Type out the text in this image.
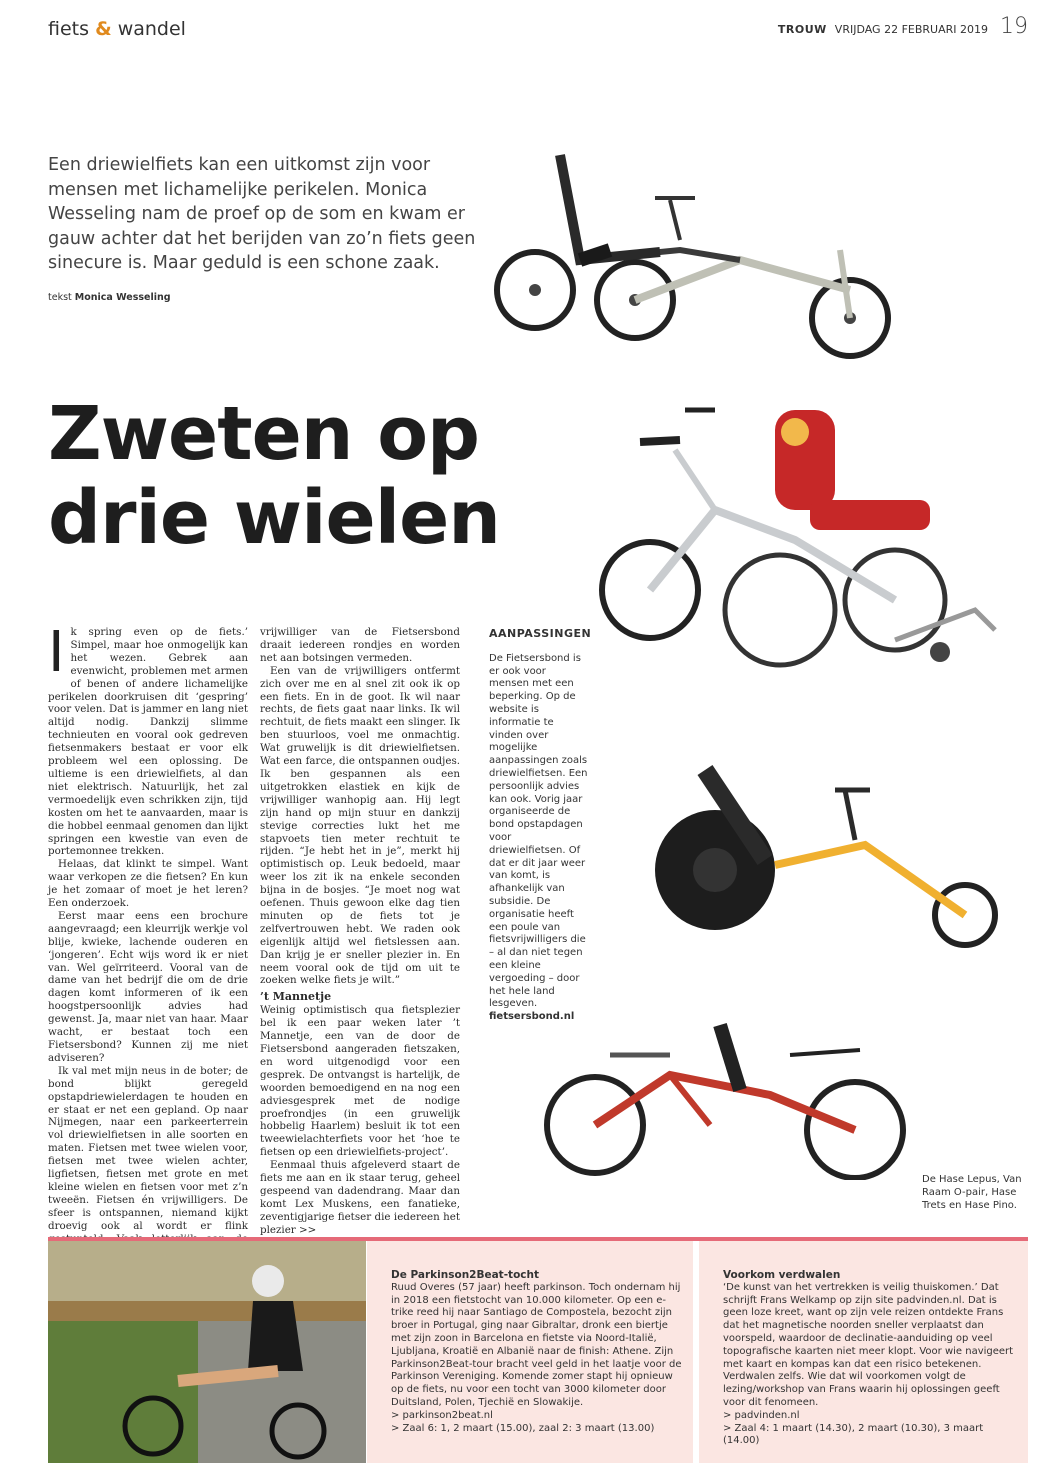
fiets & wandel	TROUW VRIJDAG 22 FEBRUARI 2019 19

Een driewielfiets kan een uitkomst zijn voor mensen met lichamelijke perikelen. Monica Wesseling nam de proef op de som en kwam er gauw achter dat het berijden van zo’n fiets geen sinecure is. Maar geduld is een schone zaak.

tekst Monica Wesseling
Zweten op
drie wielen
I k spring even op de fiets.’ Simpel, maar hoe onmogelijk kan het wezen. Gebrek aan evenwicht, problemen met armen of benen of andere lichamelijke perikelen doorkruisen dit ‘gespring’ voor velen. Dat is jammer en lang niet altijd nodig. Dankzij slimme technieuten en vooral ook gedreven fietsenmakers bestaat er voor elk probleem wel een oplossing. De ultieme is een driewielfiets, al dan niet elektrisch. Natuurlijk, het zal vermoedelijk even schrikken zijn, tijd kosten om het te aanvaarden, maar is die hobbel eenmaal genomen dan lijkt springen een kwestie van even de portemonnee trekken.

Helaas, dat klinkt te simpel. Want waar verkopen ze die fietsen? En kun je het zomaar of moet je het leren? Een onderzoek.

Eerst maar eens een brochure aangevraagd; een kleurrijk werkje vol blije, kwieke, lachende ouderen en ‘jongeren’. Echt wijs word ik er niet van. Wel geïrriteerd. Vooral van de dame van het bedrijf die om de drie dagen komt informeren of ik een hoogstpersoonlijk advies had gewenst. Ja, maar niet van haar. Maar wacht, er bestaat toch een Fietsersbond? Kunnen zij me niet adviseren?

Ik val met mijn neus in de boter; de bond blijkt geregeld opstapdriewielerdagen te houden en er staat er net een gepland. Op naar Nijmegen, naar een parkeerterrein vol driewielfietsen in alle soorten en maten. Fietsen met twee wielen voor, fietsen met twee wielen achter, ligfietsen, fietsen met grote en met kleine wielen en fietsen voor met z’n tweeën. Fietsen én vrijwilligers. De sfeer is ontspannen, niemand kijkt droevig ook al wordt er flink

vrijwilliger van de Fietsersbond draait iedereen rondjes en worden net aan botsingen vermeden.

Een van de vrijwilligers ontfermt zich over me en al snel zit ook ik op een fiets. En in de goot. Ik wil naar rechts, de fiets gaat naar links. Ik wil rechtuit, de fiets maakt een slinger. Ik ben stuurloos, voel me onmachtig. Wat gruwelijk is dit driewielfietsen. Wat een farce, die ontspannen oudjes. Ik ben gespannen als een uitgetrokken elastiek en kijk de vrijwilliger wanhopig aan. Hij legt zijn hand op mijn stuur en dankzij stevige correcties lukt het me stapvoets tien meter rechtuit te rijden. “Je hebt het in je”, merkt hij optimistisch op. Leuk bedoeld, maar weer los zit ik na enkele seconden bijna in de bosjes. “Je moet nog wat oefenen. Thuis gewoon elke dag tien minuten op de fiets tot je zelfvertrouwen hebt. We raden ook eigenlijk altijd wel fietslessen aan. Dan krijg je er sneller plezier in. En neem vooral ook de tijd om uit te zoeken welke fiets je wilt.”

’t Mannetje

Weinig optimistisch qua fietsplezier bel ik een paar weken later ’t Mannetje, een van de door de Fietsersbond aangeraden fietszaken, en word uitgenodigd voor een gesprek. De ontvangst is hartelijk, de woorden bemoedigend en na nog een adviesgesprek met de nodige proefrondjes (in een gruwelijk hobbelig Haarlem) besluit ik tot een tweewielachterfiets voor het ‘hoe te fietsen op een driewielfiets-project’.

Eenmaal thuis afgeleverd staart de fiets me aan en ik staar terug, geheel gespeend van dadendrang. Maar dan komt Lex Muskens, een fanatieke, zeventigjarige fietser die iedereen het plezier >>

AANPASSINGEN

De Fietsersbond is er ook voor mensen met een beperking. Op de website is informatie te vinden over mogelijke aanpassingen zoals driewielfietsen. Een persoonlijk advies kan ook. Vorig jaar organiseerde de bond opstapdagen voor driewielfietsen. Of dat er dit jaar weer van komt, is afhankelijk van subsidie. De organisatie heeft een poule van fietsvrijwilligers die – al dan niet tegen een kleine vergoeding – door het hele land lesgeven.

fietsersbond.nl

De Hase Lepus, Van Raam O-pair, Hase Trets en Hase Pino.

De Parkinson2Beat-tocht

Ruud Overes (57 jaar) heeft parkinson. Toch ondernam hij in 2018 een fietstocht van 10.000 kilometer. Op een e-trike reed hij naar Santiago de Compostela, bezocht zijn broer in Portugal, ging naar Gibraltar, dronk een biertje met zijn zoon in Barcelona en fietste via Noord-Italië, Ljubljana, Kroatië en Albanië naar de finish: Athene. Zijn Parkinson2Beat-tour bracht veel geld in het laatje voor de Parkinson Vereniging. Komende zomer stapt hij opnieuw op de fiets, nu voor een tocht van 3000 kilometer door Duitsland, Polen, Tjechië en Slowakije.

> parkinson2beat.nl

> Zaal 6: 1, 2 maart (15.00), zaal 2: 3 maart (13.00)

Voorkom verdwalen

‘De kunst van het vertrekken is veilig thuiskomen.’ Dat schrijft Frans Welkamp op zijn site padvinden.nl. Dat is geen loze kreet, want op zijn vele reizen ontdekte Frans dat het magnetische noorden sneller verplaatst dan voorspeld, waardoor de declinatie-aanduiding op veel topografische kaarten niet meer klopt. Voor wie navigeert met kaart en kompas kan dat een risico betekenen. Verdwalen zelfs. Wie dat wil voorkomen volgt de lezing/workshop van Frans waarin hij oplossingen geeft voor dit fenomeen.

> padvinden.nl

> Zaal 4: 1 maart (14.30), 2 maart (10.30), 3 maart (14.00)
